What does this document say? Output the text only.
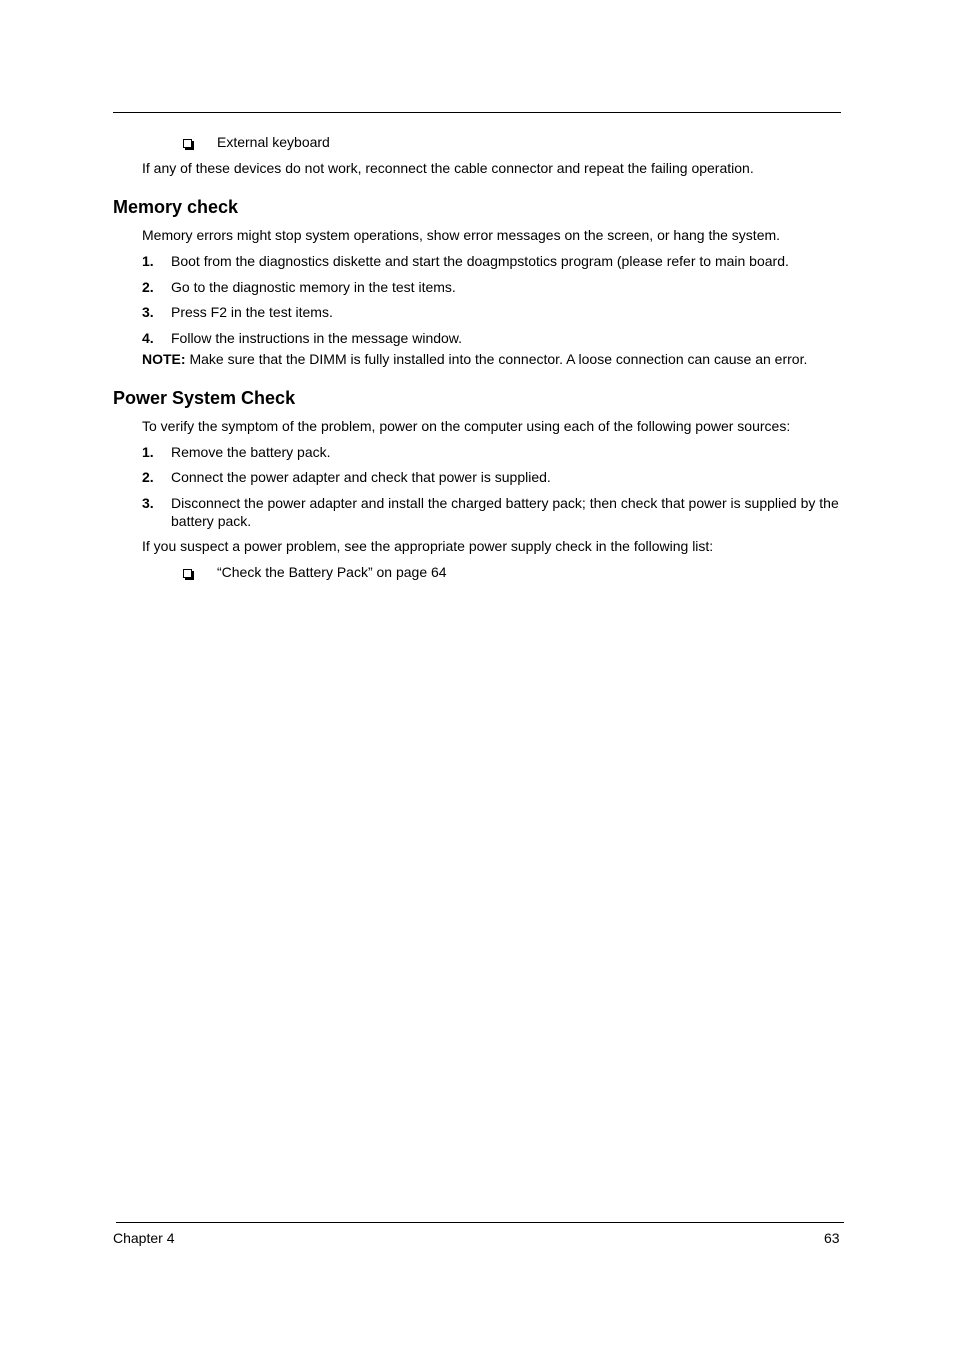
External keyboard
If any of these devices do not work, reconnect the cable connector and repeat the failing operation.
Memory check
Memory errors might stop system operations, show error messages on the screen, or hang the system.
1. Boot from the diagnostics diskette and start the doagmpstotics program (please refer to main board.
2. Go to the diagnostic memory in the test items.
3. Press F2 in the test items.
4. Follow the instructions in the message window.
NOTE: Make sure that the DIMM is fully installed into the connector. A loose connection can cause an error.
Power System Check
To verify the symptom of the problem, power on the computer using each of the following power sources:
1. Remove the battery pack.
2. Connect the power adapter and check that power is supplied.
3. Disconnect the power adapter and install the charged battery pack; then check that power is supplied by the battery pack.
If you suspect a power problem, see the appropriate power supply check in the following list:
“Check the Battery Pack” on page 64
Chapter 4	63
